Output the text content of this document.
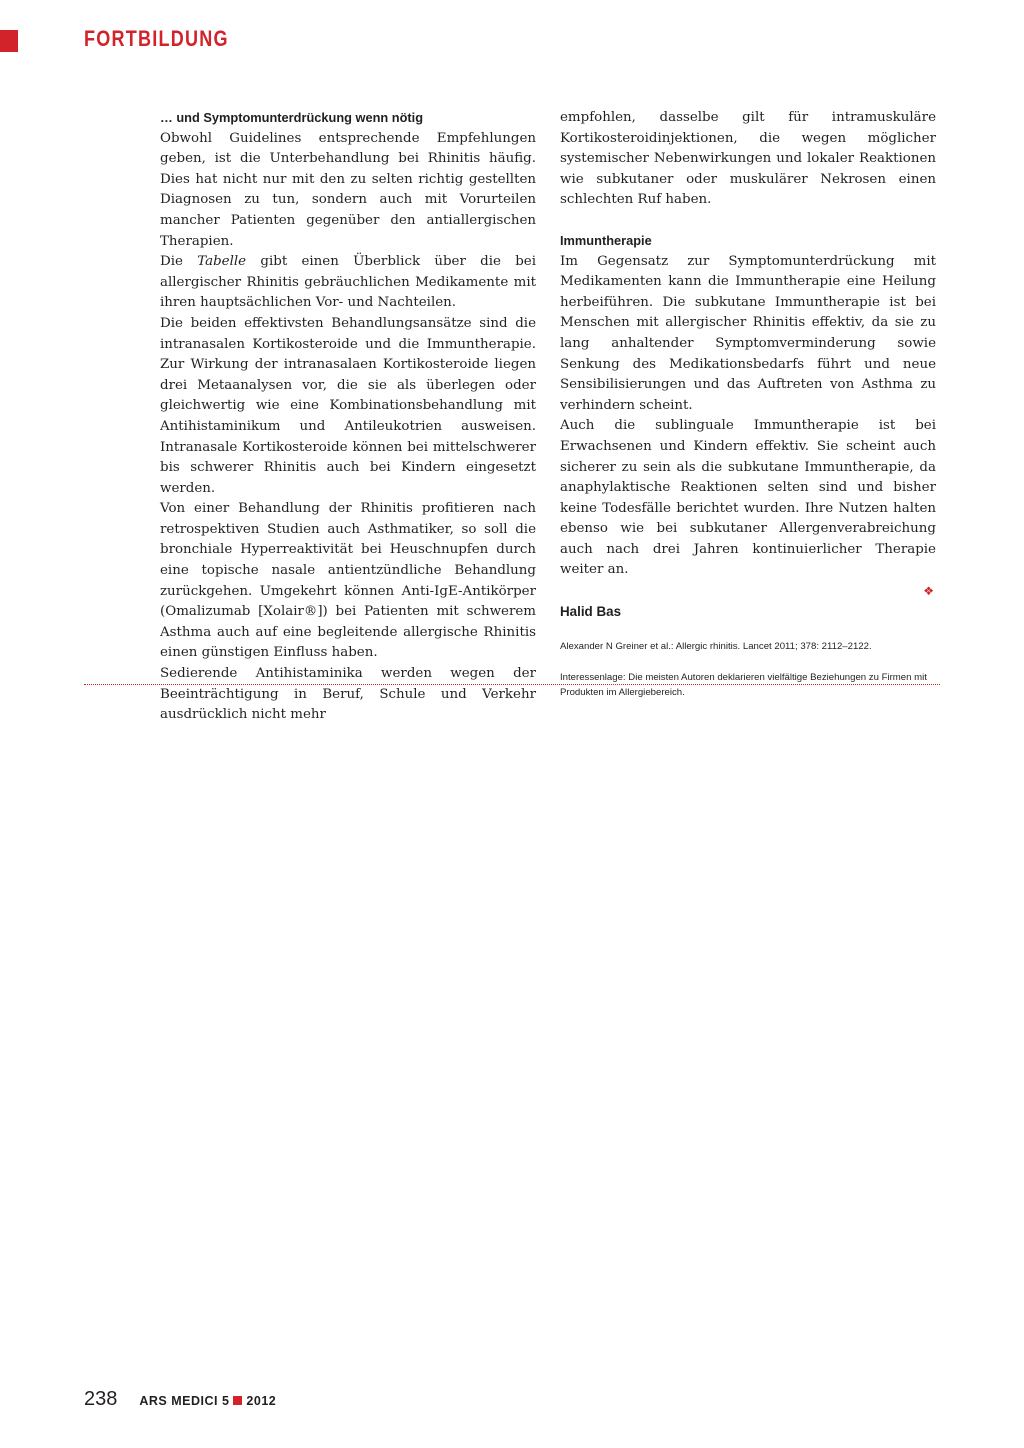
FORTBILDUNG

… und Symptomunterdrückung wenn nötig

Obwohl Guidelines entsprechende Empfehlungen geben, ist die Unterbehandlung bei Rhinitis häufig. Dies hat nicht nur mit den zu selten richtig gestellten Diagnosen zu tun, sondern auch mit Vorurteilen mancher Patienten gegenüber den antiallergischen Therapien.

Die Tabelle gibt einen Überblick über die bei allergischer Rhinitis gebräuchlichen Medikamente mit ihren hauptsächlichen Vor- und Nachteilen.

Die beiden effektivsten Behandlungsansätze sind die intranasalen Kortikosteroide und die Immuntherapie. Zur Wirkung der intranasalaen Kortikosteroide liegen drei Metaanalysen vor, die sie als überlegen oder gleichwertig wie eine Kombinationsbehandlung mit Antihistaminikum und Antileukotrien ausweisen. Intranasale Kortikosteroide können bei mittelschwerer bis schwerer Rhinitis auch bei Kindern eingesetzt werden.

Von einer Behandlung der Rhinitis profitieren nach retrospektiven Studien auch Asthmatiker, so soll die bronchiale Hyperreaktivität bei Heuschnupfen durch eine topische nasale antientzündliche Behandlung zurückgehen. Umgekehrt können Anti-IgE-Antikörper (Omalizumab [Xolair®]) bei Patienten mit schwerem Asthma auch auf eine begleitende allergische Rhinitis einen günstigen Einfluss haben.

Sedierende Antihistaminika werden wegen der Beeinträchtigung in Beruf, Schule und Verkehr ausdrücklich nicht mehr

empfohlen, dasselbe gilt für intramuskuläre Kortikosteroidinjektionen, die wegen möglicher systemischer Nebenwirkungen und lokaler Reaktionen wie subkutaner oder muskulärer Nekrosen einen schlechten Ruf haben.

Immuntherapie

Im Gegensatz zur Symptomunterdrückung mit Medikamenten kann die Immuntherapie eine Heilung herbeiführen. Die subkutane Immuntherapie ist bei Menschen mit allergischer Rhinitis effektiv, da sie zu lang anhaltender Symptomverminderung sowie Senkung des Medikationsbedarfs führt und neue Sensibilisierungen und das Auftreten von Asthma zu verhindern scheint.

Auch die sublinguale Immuntherapie ist bei Erwachsenen und Kindern effektiv. Sie scheint auch sicherer zu sein als die subkutane Immuntherapie, da anaphylaktische Reaktionen selten sind und bisher keine Todesfälle berichtet wurden. Ihre Nutzen halten ebenso wie bei subkutaner Allergenverabreichung auch nach drei Jahren kontinuierlicher Therapie weiter an.

❖

Halid Bas

Alexander N Greiner et al.: Allergic rhinitis. Lancet 2011; 378: 2112–2122.

Interessenlage: Die meisten Autoren deklarieren vielfältige Beziehungen zu Firmen mit Produkten im Allergiebereich.

238 ARS MEDICI 5 2012
